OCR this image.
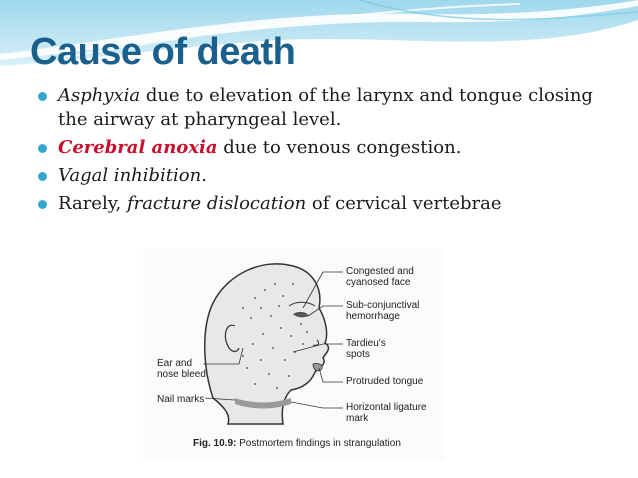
Cause of death
Asphyxia due to elevation of the larynx and tongue closing the airway at pharyngeal level.
Cerebral anoxia due to venous congestion.
Vagal inhibition.
Rarely, fracture dislocation of cervical vertebrae
Congested and
cyanosed face
Sub-conjunctival
hemorrhage
Tardieu's
spots
Protruded tongue
Horizontal ligature
mark
Ear and
nose bleed
Nail marks
Fig. 10.9: Postmortem findings in strangulation
